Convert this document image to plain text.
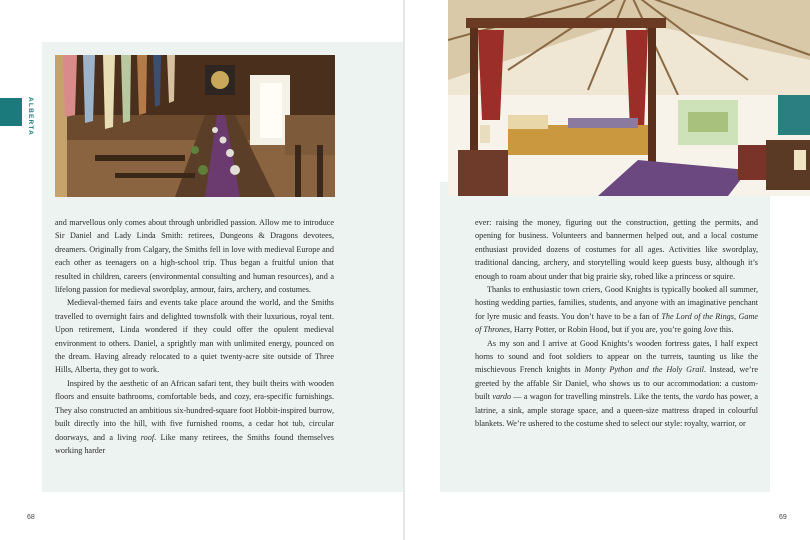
ALBERTA

and marvellous only comes about through unbridled passion. Allow me to introduce Sir Daniel and Lady Linda Smith: retirees, Dungeons & Dragons devotees, dreamers. Originally from Calgary, the Smiths fell in love with medieval Europe and each other as teenagers on a high-school trip. Thus began a fruitful union that resulted in children, careers (environmental consulting and human resources), and a lifelong passion for medieval swordplay, armour, fairs, archery, and costumes.

Medieval-themed fairs and events take place around the world, and the Smiths travelled to overnight fairs and delighted townsfolk with their luxurious, royal tent. Upon retirement, Linda wondered if they could offer the opulent medieval environment to others. Daniel, a sprightly man with unlimited energy, pounced on the dream. Having already relocated to a quiet twenty-acre site outside of Three Hills, Alberta, they got to work.

Inspired by the aesthetic of an African safari tent, they built theirs with wooden floors and ensuite bathrooms, comfortable beds, and cozy, era-specific furnishings. They also constructed an ambitious six-hundred-square foot Hobbit-inspired burrow, built directly into the hill, with five furnished rooms, a cedar hot tub, circular doorways, and a living roof. Like many retirees, the Smiths found themselves working harder

68

ever: raising the money, figuring out the construction, getting the permits, and opening for business. Volunteers and bannermen helped out, and a local costume enthusiast provided dozens of costumes for all ages. Activities like swordplay, traditional dancing, archery, and storytelling would keep guests busy, although it’s enough to roam about under that big prairie sky, robed like a princess or squire.

Thanks to enthusiastic town criers, Good Knights is typically booked all summer, hosting wedding parties, families, students, and anyone with an imaginative penchant for lyre music and feasts. You don’t have to be a fan of The Lord of the Rings, Game of Thrones, Harry Potter, or Robin Hood, but if you are, you’re going love this.

As my son and I arrive at Good Knights’s wooden fortress gates, I half expect horns to sound and foot soldiers to appear on the turrets, taunting us like the mischievous French knights in Monty Python and the Holy Grail. Instead, we’re greeted by the affable Sir Daniel, who shows us to our accommodation: a custom-built vardo — a wagon for travelling minstrels. Like the tents, the vardo has power, a latrine, a sink, ample storage space, and a queen-size mattress draped in colourful blankets. We’re ushered to the costume shed to select our style: royalty, warrior, or

69
